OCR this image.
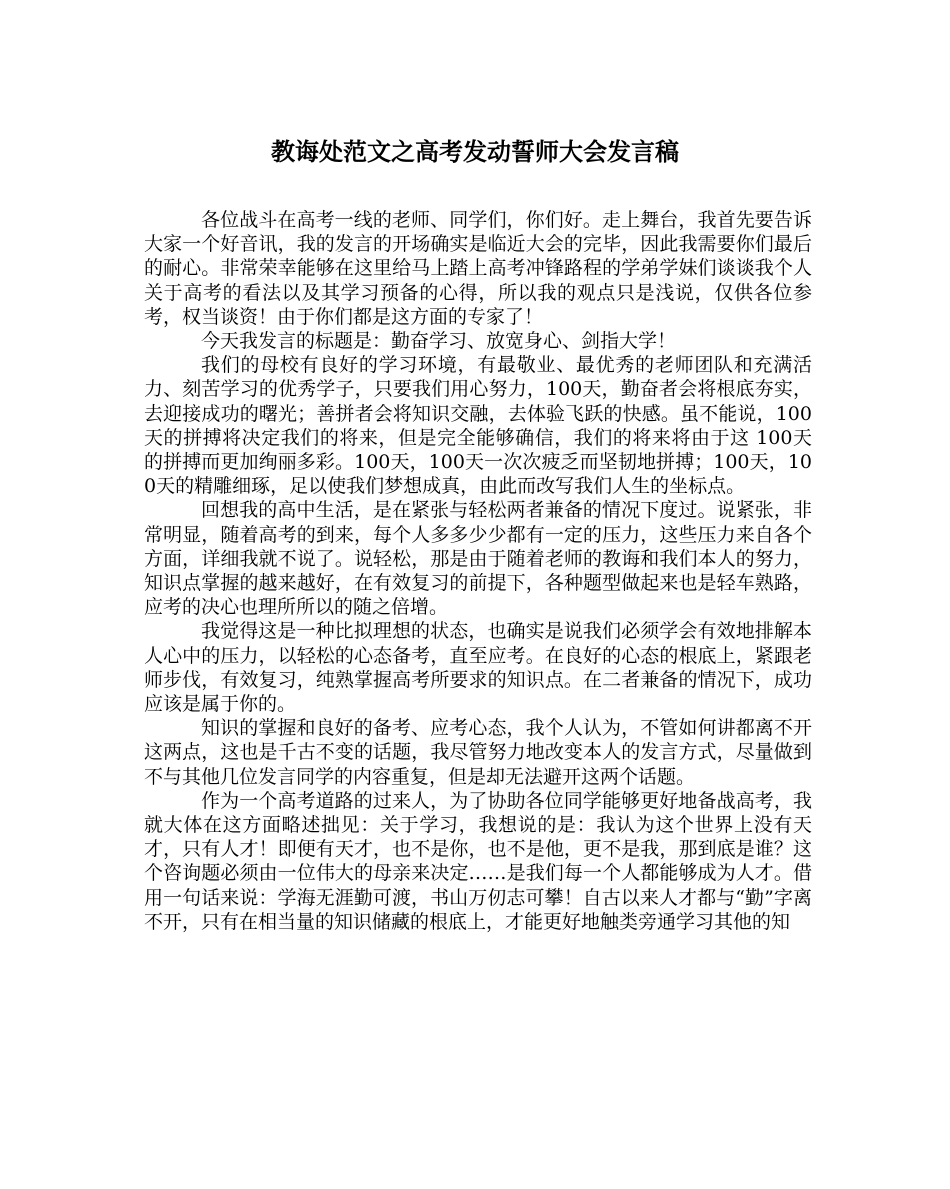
教诲处范文之高考发动誓师大会发言稿

各位战斗在高考一线的老师、同学们，你们好。走上舞台，我首先要告诉大家一个好音讯，我的发言的开场确实是临近大会的完毕，因此我需要你们最后的耐心。非常荣幸能够在这里给马上踏上高考冲锋路程的学弟学妹们谈谈我个人关于高考的看法以及其学习预备的心得，所以我的观点只是浅说，仅供各位参考，权当谈资！由于你们都是这方面的专家了！

今天我发言的标题是：勤奋学习、放宽身心、剑指大学！

我们的母校有良好的学习环境，有最敬业、最优秀的老师团队和充满活力、刻苦学习的优秀学子，只要我们用心努力，100天，勤奋者会将根底夯实，去迎接成功的曙光；善拼者会将知识交融，去体验飞跃的快感。虽不能说，100天的拼搏将决定我们的将来，但是完全能够确信，我们的将来将由于这 100天的拼搏而更加绚丽多彩。100天，100天一次次疲乏而坚韧地拼搏；100天，100天的精雕细琢，足以使我们梦想成真，由此而改写我们人生的坐标点。

回想我的高中生活，是在紧张与轻松两者兼备的情况下度过。说紧张，非常明显，随着高考的到来，每个人多多少少都有一定的压力，这些压力来自各个方面，详细我就不说了。说轻松，那是由于随着老师的教诲和我们本人的努力，知识点掌握的越来越好，在有效复习的前提下，各种题型做起来也是轻车熟路，应考的决心也理所所以的随之倍增。

我觉得这是一种比拟理想的状态，也确实是说我们必须学会有效地排解本人心中的压力，以轻松的心态备考，直至应考。在良好的心态的根底上，紧跟老师步伐，有效复习，纯熟掌握高考所要求的知识点。在二者兼备的情况下，成功应该是属于你的。

知识的掌握和良好的备考、应考心态，我个人认为，不管如何讲都离不开这两点，这也是千古不变的话题，我尽管努力地改变本人的发言方式，尽量做到不与其他几位发言同学的内容重复，但是却无法避开这两个话题。

作为一个高考道路的过来人，为了协助各位同学能够更好地备战高考，我就大体在这方面略述拙见：关于学习，我想说的是：我认为这个世界上没有天才，只有人才！即便有天才，也不是你，也不是他，更不是我，那到底是谁？这个咨询题必须由一位伟大的母亲来决定……是我们每一个人都能够成为人才。借用一句话来说：学海无涯勤可渡，书山万仞志可攀！自古以来人才都与“勤”字离不开，只有在相当量的知识储藏的根底上，才能更好地触类旁通学习其他的知
